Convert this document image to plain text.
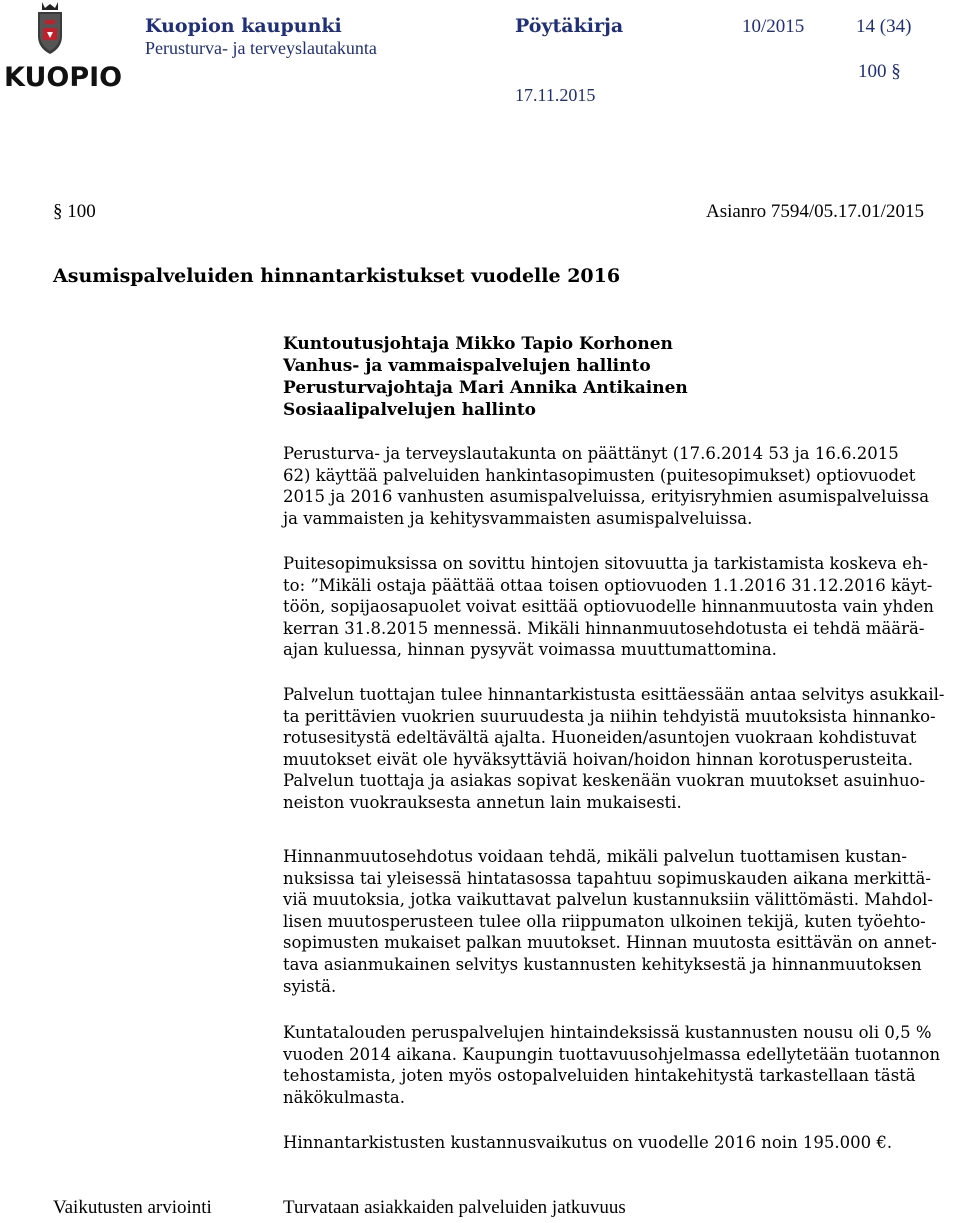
KUOPIO
Kuopion kaupunki
Perusturva- ja terveyslautakunta
Pöytäkirja	10/2015	14 (34)
100 §
17.11.2015
§ 100	Asianro 7594/05.17.01/2015
Asumispalveluiden hinnantarkistukset vuodelle 2016
Kuntoutusjohtaja Mikko Tapio Korhonen
Vanhus- ja vammaispalvelujen hallinto
Perusturvajohtaja Mari Annika Antikainen
Sosiaalipalvelujen hallinto
Perusturva- ja terveyslautakunta on päättänyt (17.6.2014 53 ja 16.6.2015
62) käyttää palveluiden hankintasopimusten (puitesopimukset) optiovuodet
2015 ja 2016 vanhusten asumispalveluissa, erityisryhmien asumispalveluissa
ja vammaisten ja kehitysvammaisten asumispalveluissa.
Puitesopimuksissa on sovittu hintojen sitovuutta ja tarkistamista koskeva eh-
to: ”Mikäli ostaja päättää ottaa toisen optiovuoden 1.1.2016 31.12.2016 käyt-
töön, sopijaosapuolet voivat esittää optiovuodelle hinnanmuutosta vain yhden
kerran 31.8.2015 mennessä. Mikäli hinnanmuutosehdotusta ei tehdä määrä-
ajan kuluessa, hinnan pysyvät voimassa muuttumattomina.
Palvelun tuottajan tulee hinnantarkistusta esittäessään antaa selvitys asukkail-
ta perittävien vuokrien suuruudesta ja niihin tehdyistä muutoksista hinnanko-
rotusesitystä edeltävältä ajalta. Huoneiden/asuntojen vuokraan kohdistuvat
muutokset eivät ole hyväksyttäviä hoivan/hoidon hinnan korotusperusteita.
Palvelun tuottaja ja asiakas sopivat keskenään vuokran muutokset asuinhuo-
neiston vuokrauksesta annetun lain mukaisesti.
Hinnanmuutosehdotus voidaan tehdä, mikäli palvelun tuottamisen kustan-
nuksissa tai yleisessä hintatasossa tapahtuu sopimuskauden aikana merkittä-
viä muutoksia, jotka vaikuttavat palvelun kustannuksiin välittömästi. Mahdol-
lisen muutosperusteen tulee olla riippumaton ulkoinen tekijä, kuten työehto-
sopimusten mukaiset palkan muutokset. Hinnan muutosta esittävän on annet-
tava asianmukainen selvitys kustannusten kehityksestä ja hinnanmuutoksen
syistä.
Kuntatalouden peruspalvelujen hintaindeksissä kustannusten nousu oli 0,5 %
vuoden 2014 aikana. Kaupungin tuottavuusohjelmassa edellytetään tuotannon
tehostamista, joten myös ostopalveluiden hintakehitystä tarkastellaan tästä
näkökulmasta.
Hinnantarkistusten kustannusvaikutus on vuodelle 2016 noin 195.000 €.
Vaikutusten arviointi	Turvataan asiakkaiden palveluiden jatkuvuus
